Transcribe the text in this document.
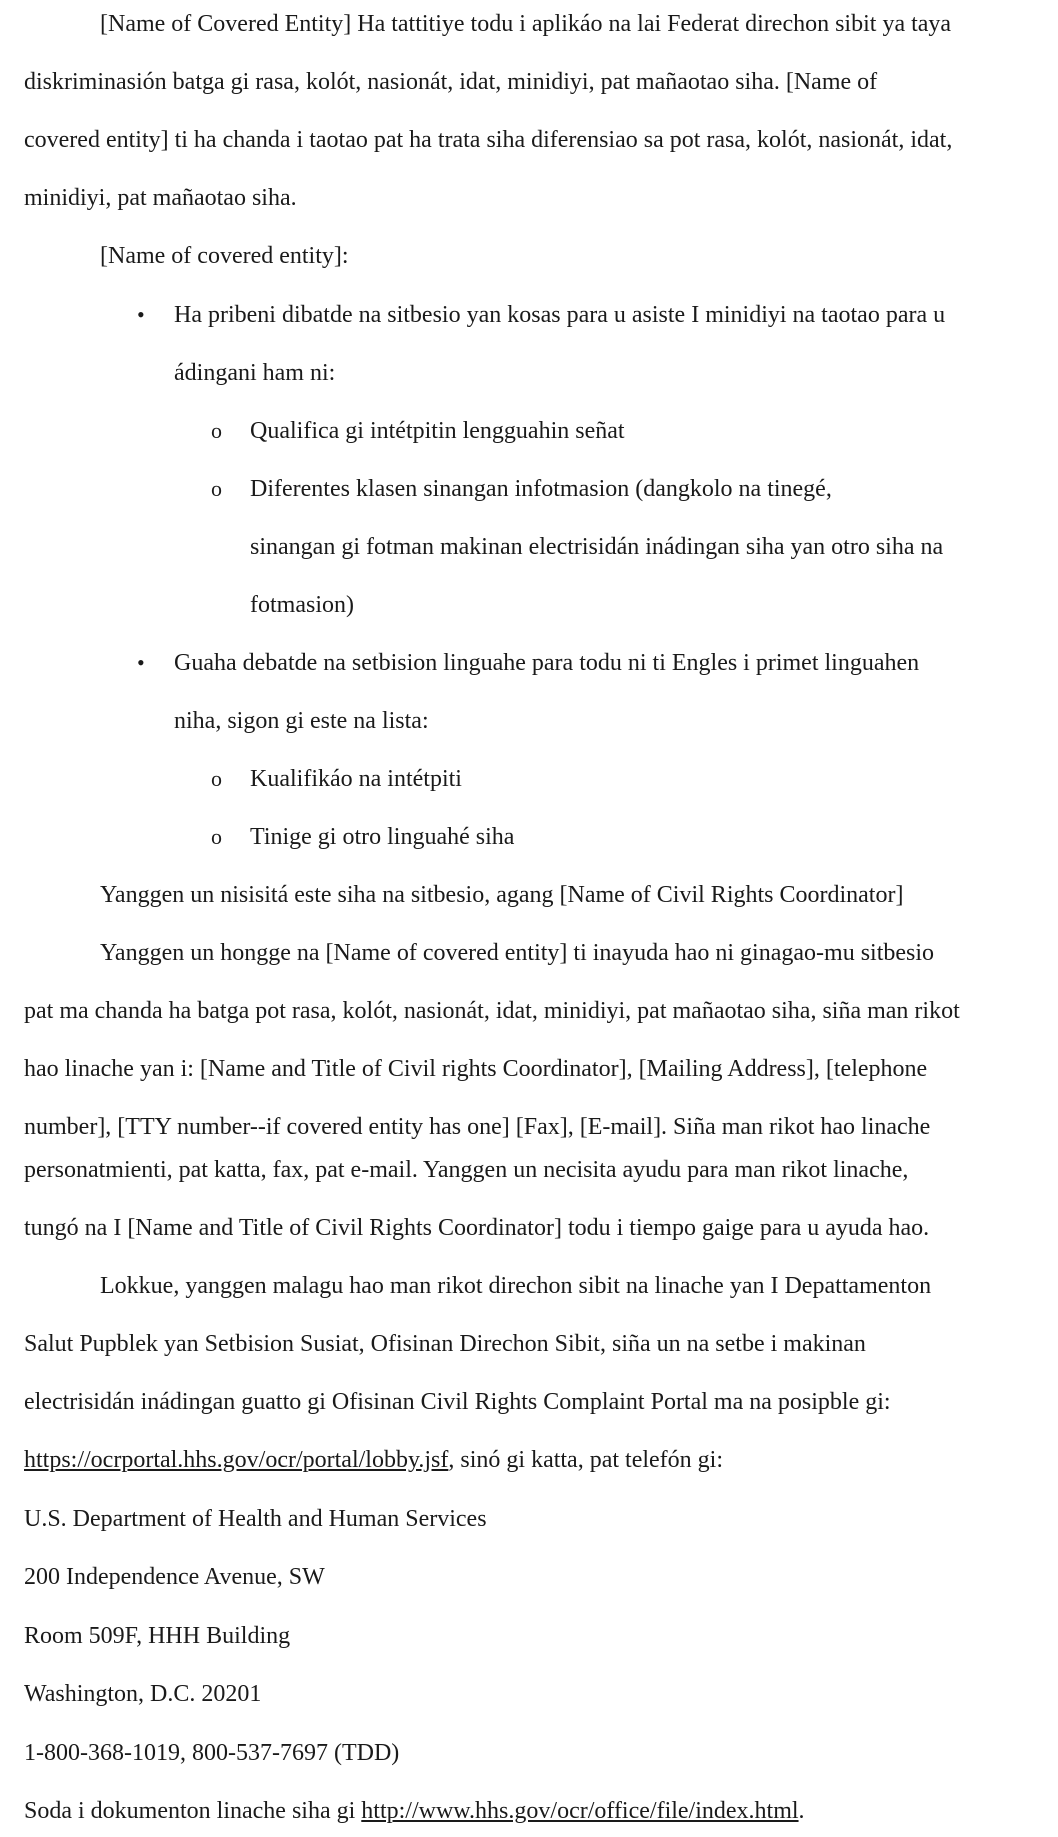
[Name of Covered Entity] Ha tattitiye todu i aplikáo na lai Federat direchon sibit ya taya
diskriminasión batga gi rasa, kolót, nasionát, idat, minidiyi, pat mañaotao siha. [Name of
covered entity] ti ha chanda i taotao pat ha trata siha diferensiao sa pot rasa, kolót, nasionát, idat,
minidiyi, pat mañaotao siha.
[Name of covered entity]:
• Ha pribeni dibatde na sitbesio yan kosas para u asiste I minidiyi na taotao para u
ádingani ham ni:
o Qualifica gi intétpitin lengguahin señat
o Diferentes klasen sinangan infotmasion (dangkolo na tinegé,
sinangan gi fotman makinan electrisidán inádingan siha yan otro siha na
fotmasion)
• Guaha debatde na setbision linguahe para todu ni ti Engles i primet linguahen
niha, sigon gi este na lista:
o Kualifikáo na intétpiti
o Tinige gi otro linguahé siha
Yanggen un nisisitá este siha na sitbesio, agang [Name of Civil Rights Coordinator]
Yanggen un hongge na [Name of covered entity] ti inayuda hao ni ginagao-mu sitbesio
pat ma chanda ha batga pot rasa, kolót, nasionát, idat, minidiyi, pat mañaotao siha, siña man rikot
hao linache yan i: [Name and Title of Civil rights Coordinator], [Mailing Address], [telephone
number], [TTY number--if covered entity has one] [Fax], [E-mail]. Siña man rikot hao linache
personatmienti, pat katta, fax, pat e-mail. Yanggen un necisita ayudu para man rikot linache,
tungó na I [Name and Title of Civil Rights Coordinator] todu i tiempo gaige para u ayuda hao.
Lokkue, yanggen malagu hao man rikot direchon sibit na linache yan I Depattamenton
Salut Pupblek yan Setbision Susiat, Ofisinan Direchon Sibit, siña un na setbe i makinan
electrisidán inádingan guatto gi Ofisinan Civil Rights Complaint Portal ma na posipble gi:
https://ocrportal.hhs.gov/ocr/portal/lobby.jsf, sinó gi katta, pat telefón gi:
U.S. Department of Health and Human Services
200 Independence Avenue, SW
Room 509F, HHH Building
Washington, D.C. 20201
1-800-368-1019, 800-537-7697 (TDD)
Soda i dokumenton linache siha gi http://www.hhs.gov/ocr/office/file/index.html.
